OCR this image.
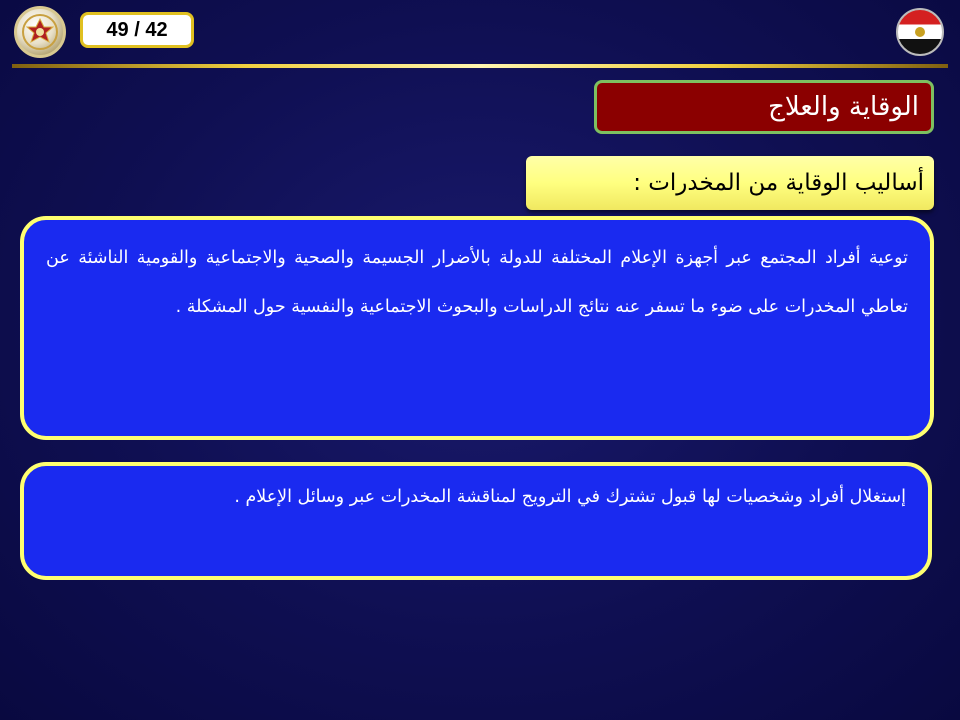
49 / 42
الوقاية والعلاج
أساليب الوقاية من المخدرات :
توعية أفراد المجتمع عبر أجهزة الإعلام المختلفة للدولة بالأضرار الجسيمة والصحية والاجتماعية والقومية الناشئة عن تعاطي المخدرات على ضوء ما تسفر عنه نتائج الدراسات والبحوث الاجتماعية والنفسية حول المشكلة .
إستغلال أفراد وشخصيات لها قبول تشترك في الترويج لمناقشة المخدرات عبر وسائل الإعلام .
